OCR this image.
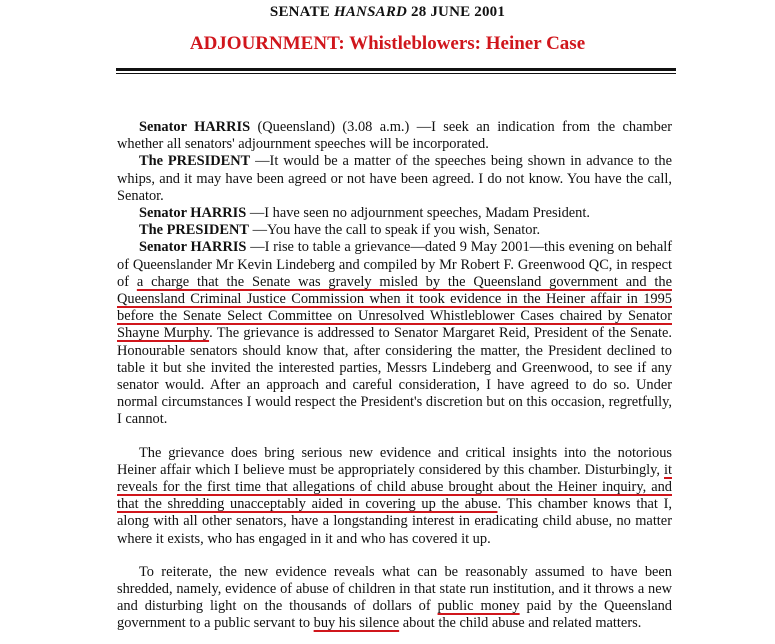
SENATE HANSARD 28 JUNE 2001
ADJOURNMENT: Whistleblowers: Heiner Case

Senator HARRIS (Queensland) (3.08 a.m.) —I seek an indication from the chamber whether all senators' adjournment speeches will be incorporated.

The PRESIDENT —It would be a matter of the speeches being shown in advance to the whips, and it may have been agreed or not have been agreed. I do not know. You have the call, Senator.

Senator HARRIS —I have seen no adjournment speeches, Madam President.

The PRESIDENT —You have the call to speak if you wish, Senator.

Senator HARRIS —I rise to table a grievance—dated 9 May 2001—this evening on behalf of Queenslander Mr Kevin Lindeberg and compiled by Mr Robert F. Greenwood QC, in respect of a charge that the Senate was gravely misled by the Queensland government and the Queensland Criminal Justice Commission when it took evidence in the Heiner affair in 1995 before the Senate Select Committee on Unresolved Whistleblower Cases chaired by Senator Shayne Murphy. The grievance is addressed to Senator Margaret Reid, President of the Senate. Honourable senators should know that, after considering the matter, the President declined to table it but she invited the interested parties, Messrs Lindeberg and Greenwood, to see if any senator would. After an approach and careful consideration, I have agreed to do so. Under normal circumstances I would respect the President's discretion but on this occasion, regretfully, I cannot.

The grievance does bring serious new evidence and critical insights into the notorious Heiner affair which I believe must be appropriately considered by this chamber. Disturbingly, it reveals for the first time that allegations of child abuse brought about the Heiner inquiry, and that the shredding unacceptably aided in covering up the abuse. This chamber knows that I, along with all other senators, have a longstanding interest in eradicating child abuse, no matter where it exists, who has engaged in it and who has covered it up.

To reiterate, the new evidence reveals what can be reasonably assumed to have been shredded, namely, evidence of abuse of children in that state run institution, and it throws a new and disturbing light on the thousands of dollars of public money paid by the Queensland government to a public servant to buy his silence about the child abuse and related matters.
